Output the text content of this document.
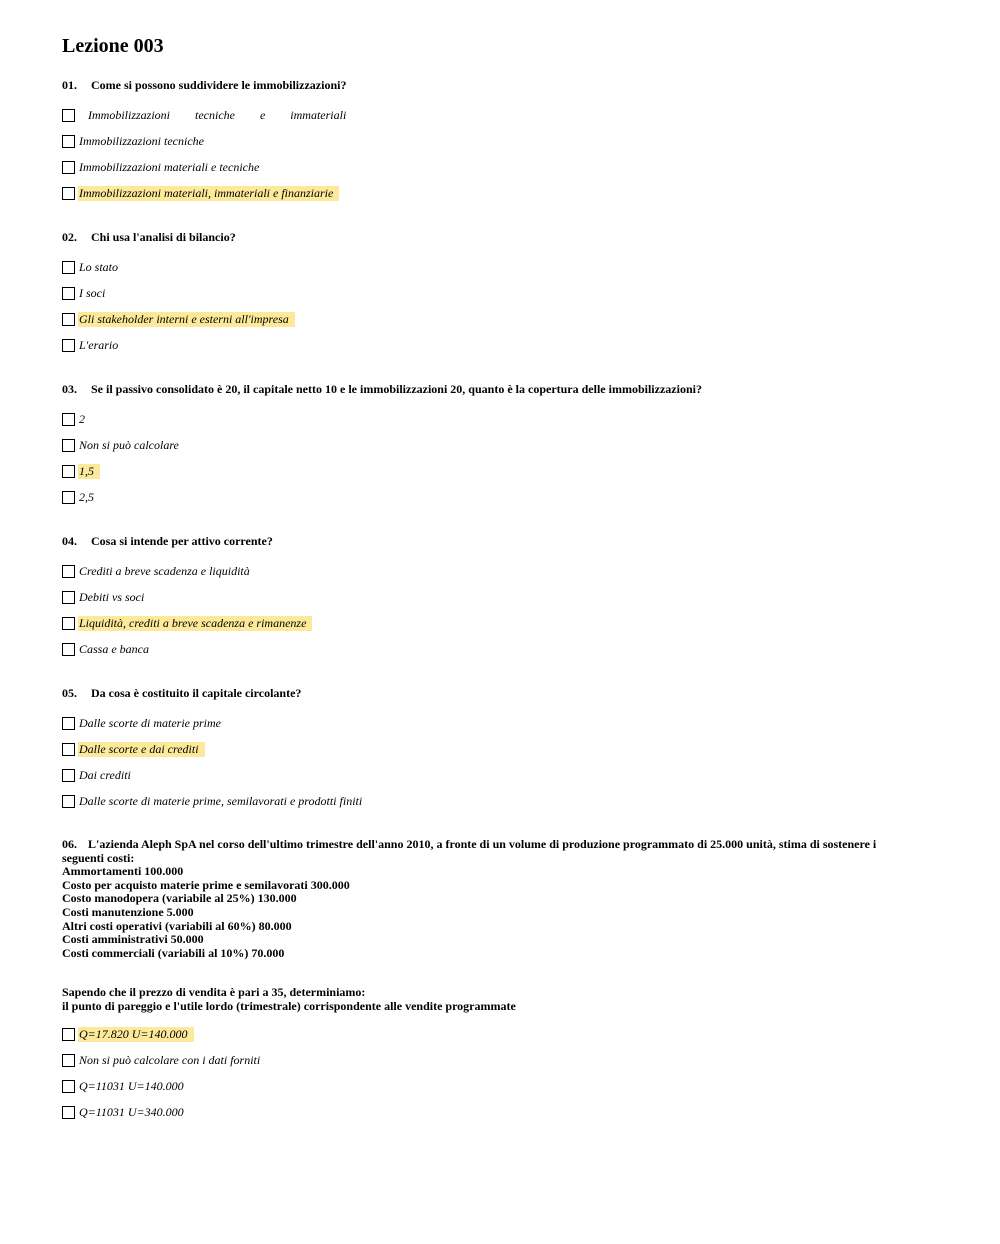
Lezione 003
01. Come si possono suddividere le immobilizzazioni?
Immobilizzazioni tecniche e immateriali
Immobilizzazioni tecniche
Immobilizzazioni materiali e tecniche
Immobilizzazioni materiali, immateriali e finanziarie
02. Chi usa l'analisi di bilancio?
Lo stato
I soci
Gli stakeholder interni e esterni all'impresa
L'erario
03. Se il passivo consolidato è 20, il capitale netto 10 e le immobilizzazioni 20, quanto è la copertura delle immobilizzazioni?
2
Non si può calcolare
1,5
2,5
04. Cosa si intende per attivo corrente?
Crediti a breve scadenza e liquidità
Debiti vs soci
Liquidità, crediti a breve scadenza e rimanenze
Cassa e banca
05. Da cosa è costituito il capitale circolante?
Dalle scorte di materie prime
Dalle scorte e dai crediti
Dai crediti
Dalle scorte di materie prime, semilavorati e prodotti finiti
06. L'azienda Aleph SpA nel corso dell'ultimo trimestre dell'anno 2010, a fronte di un volume di produzione programmato di 25.000 unità, stima di sostenere i
seguenti costi:
Ammortamenti 100.000
Costo per acquisto materie prime e semilavorati 300.000
Costo manodopera (variabile al 25%) 130.000
Costi manutenzione 5.000
Altri costi operativi (variabili al 60%) 80.000
Costi amministrativi 50.000
Costi commerciali (variabili al 10%) 70.000
Sapendo che il prezzo di vendita è pari a 35, determiniamo:
il punto di pareggio e l'utile lordo (trimestrale) corrispondente alle vendite programmate
Q=17.820 U=140.000
Non si può calcolare con i dati forniti
Q=11031 U=140.000
Q=11031 U=340.000
